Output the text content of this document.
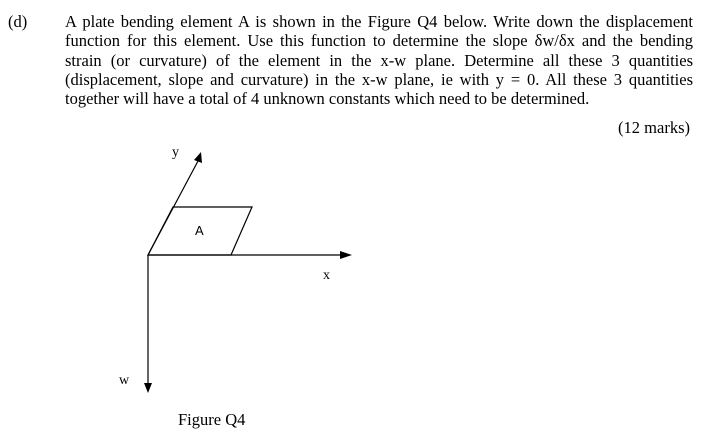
(d) A plate bending element A is shown in the Figure Q4 below. Write down the displacement function for this element. Use this function to determine the slope δw/δx and the bending strain (or curvature) of the element in the x-w plane. Determine all these 3 quantities (displacement, slope and curvature) in the x-w plane, ie with y = 0. All these 3 quantities together will have a total of 4 unknown constants which need to be determined.
(12 marks)
y
x
w
A
Figure Q4
